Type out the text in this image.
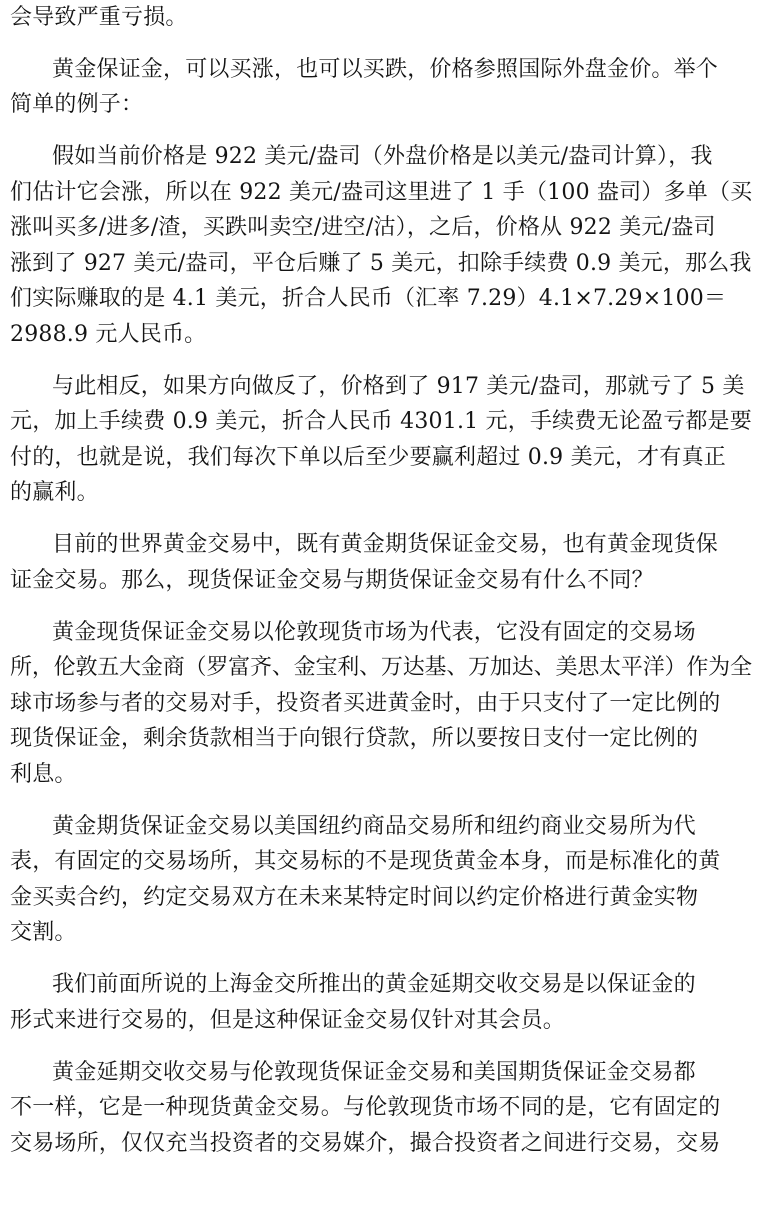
会导致严重亏损。
黄金保证金，可以买涨，也可以买跌，价格参照国际外盘金价。举个
简单的例子：
假如当前价格是 922 美元/盎司（外盘价格是以美元/盎司计算），我
们估计它会涨，所以在 922 美元/盎司这里进了 1 手（100 盎司）多单（买
涨叫买多/进多/渣，买跌叫卖空/进空/沽），之后，价格从 922 美元/盎司
涨到了 927 美元/盎司，平仓后赚了 5 美元，扣除手续费 0.9 美元，那么我
们实际赚取的是 4.1 美元，折合人民币（汇率 7.29）4.1×7.29×100＝
2988.9 元人民币。
与此相反，如果方向做反了，价格到了 917 美元/盎司，那就亏了 5 美
元，加上手续费 0.9 美元，折合人民币 4301.1 元，手续费无论盈亏都是要
付的，也就是说，我们每次下单以后至少要赢利超过 0.9 美元，才有真正
的赢利。
目前的世界黄金交易中，既有黄金期货保证金交易，也有黄金现货保
证金交易。那么，现货保证金交易与期货保证金交易有什么不同？
黄金现货保证金交易以伦敦现货市场为代表，它没有固定的交易场
所，伦敦五大金商（罗富齐、金宝利、万达基、万加达、美思太平洋）作为全
球市场参与者的交易对手，投资者买进黄金时，由于只支付了一定比例的
现货保证金，剩余货款相当于向银行贷款，所以要按日支付一定比例的
利息。
黄金期货保证金交易以美国纽约商品交易所和纽约商业交易所为代
表，有固定的交易场所，其交易标的不是现货黄金本身，而是标准化的黄
金买卖合约，约定交易双方在未来某特定时间以约定价格进行黄金实物
交割。
我们前面所说的上海金交所推出的黄金延期交收交易是以保证金的
形式来进行交易的，但是这种保证金交易仅针对其会员。
黄金延期交收交易与伦敦现货保证金交易和美国期货保证金交易都
不一样，它是一种现货黄金交易。与伦敦现货市场不同的是，它有固定的
交易场所，仅仅充当投资者的交易媒介，撮合投资者之间进行交易，交易
